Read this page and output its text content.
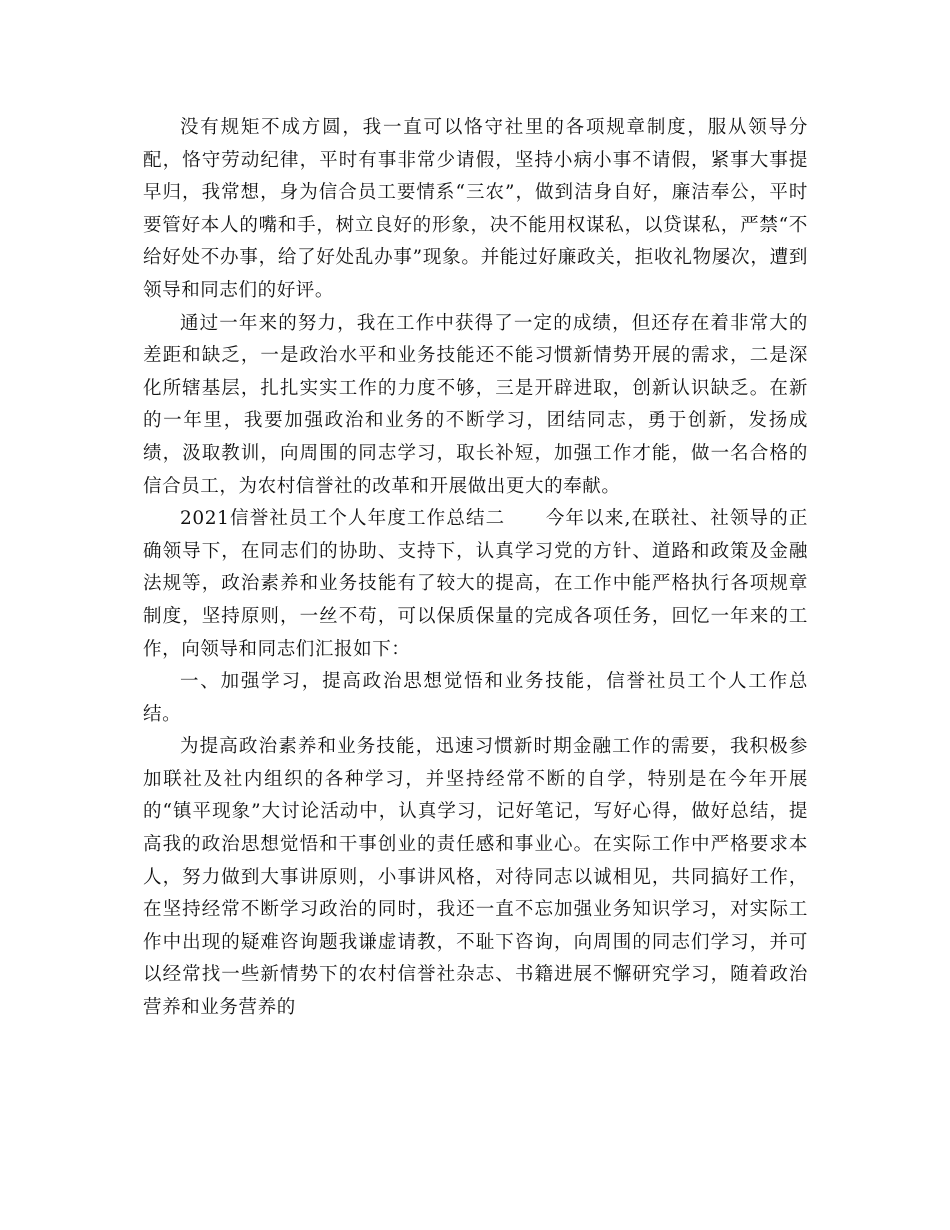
没有规矩不成方圆，我一直可以恪守社里的各项规章制度，服从领导分配，恪守劳动纪律，平时有事非常少请假，坚持小病小事不请假，紧事大事提早归，我常想，身为信合员工要情系“三农”，做到洁身自好，廉洁奉公，平时要管好本人的嘴和手，树立良好的形象，决不能用权谋私，以贷谋私，严禁“不给好处不办事，给了好处乱办事”现象。并能过好廉政关，拒收礼物屡次，遭到领导和同志们的好评。

通过一年来的努力，我在工作中获得了一定的成绩，但还存在着非常大的差距和缺乏，一是政治水平和业务技能还不能习惯新情势开展的需求，二是深化所辖基层，扎扎实实工作的力度不够，三是开辟进取，创新认识缺乏。在新的一年里，我要加强政治和业务的不断学习，团结同志，勇于创新，发扬成绩，汲取教训，向周围的同志学习，取长补短，加强工作才能，做一名合格的信合员工，为农村信誉社的改革和开展做出更大的奉献。

2021信誉社员工个人年度工作总结二 今年以来,在联社、社领导的正确领导下，在同志们的协助、支持下，认真学习党的方针、道路和政策及金融法规等，政治素养和业务技能有了较大的提高，在工作中能严格执行各项规章制度，坚持原则，一丝不苟，可以保质保量的完成各项任务，回忆一年来的工作，向领导和同志们汇报如下：

一、加强学习，提高政治思想觉悟和业务技能，信誉社员工个人工作总结。

为提高政治素养和业务技能，迅速习惯新时期金融工作的需要，我积极参加联社及社内组织的各种学习，并坚持经常不断的自学，特别是在今年开展的“镇平现象”大讨论活动中，认真学习，记好笔记，写好心得，做好总结，提高我的政治思想觉悟和干事创业的责任感和事业心。在实际工作中严格要求本人，努力做到大事讲原则，小事讲风格，对待同志以诚相见，共同搞好工作，在坚持经常不断学习政治的同时，我还一直不忘加强业务知识学习，对实际工作中出现的疑难咨询题我谦虚请教，不耻下咨询，向周围的同志们学习，并可以经常找一些新情势下的农村信誉社杂志、书籍进展不懈研究学习，随着政治营养和业务营养的
